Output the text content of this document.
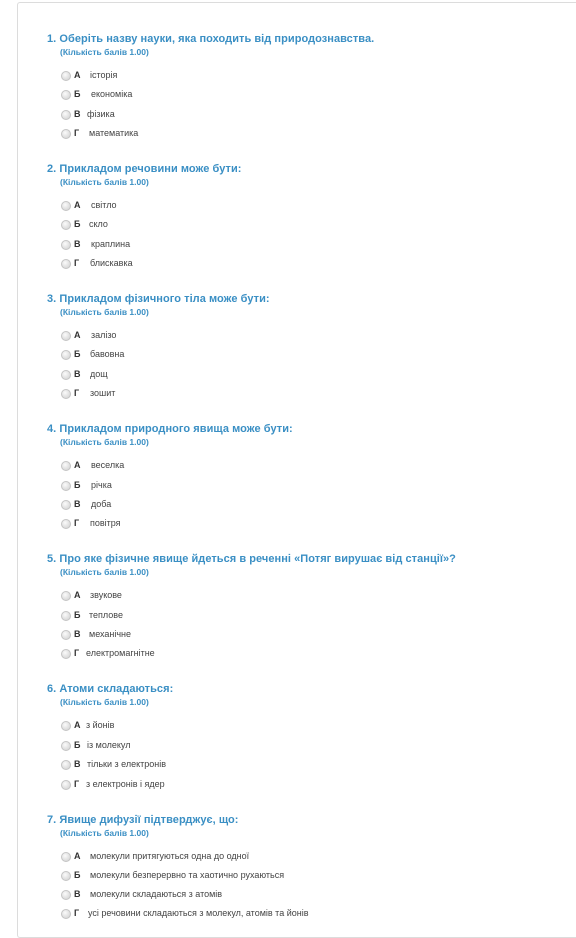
1. Оберіть назву науки, яка походить від природознавства.
(Кількість балів 1.00)
А історія
Б економіка
В фізика
Г математика
2. Прикладом речовини може бути:
(Кількість балів 1.00)
А світло
Б скло
В краплина
Г блискавка
3. Прикладом фізичного тіла може бути:
(Кількість балів 1.00)
А залізо
Б бавовна
В дощ
Г зошит
4. Прикладом природного явища може бути:
(Кількість балів 1.00)
А веселка
Б річка
В доба
Г повітря
5. Про яке фізичне явище йдеться в реченні «Потяг вирушає від станції»?
(Кількість балів 1.00)
А звукове
Б теплове
В механічне
Г електромагнітне
6. Атоми складаються:
(Кількість балів 1.00)
А з йонів
Б із молекул
В тільки з електронів
Г з електронів і ядер
7. Явище дифузії підтверджує, що:
(Кількість балів 1.00)
А молекули притягуються одна до одної
Б молекули безперервно та хаотично рухаються
В молекули складаються з атомів
Г усі речовини складаються з молекул, атомів та йонів
